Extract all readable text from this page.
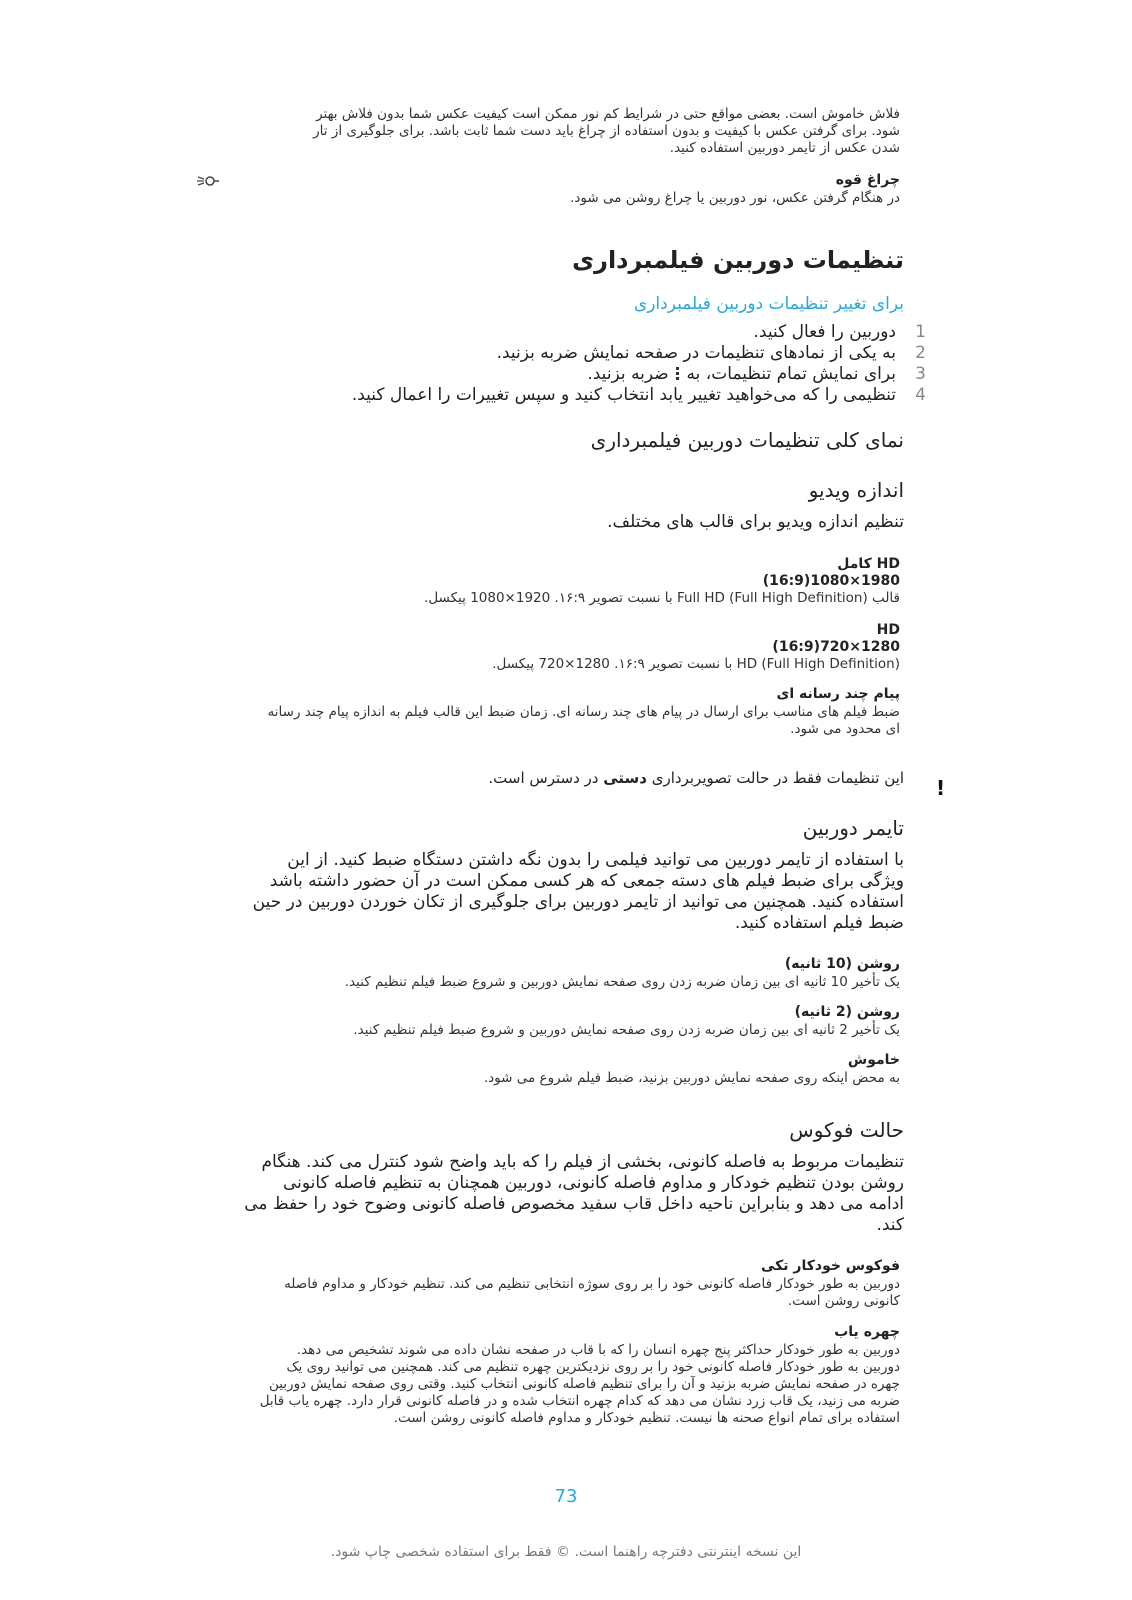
فلاش خاموش است. بعضی مواقع حتی در شرایط کم نور ممکن است کیفیت عکس شما بدون فلاش بهتر
شود. برای گرفتن عکس با کیفیت و بدون استفاده از چراغ باید دست شما ثابت باشد. برای جلوگیری از تار
شدن عکس از تایمر دوربین استفاده کنید.
چراغ قوه
در هنگام گرفتن عکس، نور دوربین یا چراغ روشن می شود.
تنظیمات دوربین فیلمبرداری
برای تغییر تنظیمات دوربین فیلمبرداری
1
دوربین را فعال کنید.
2
به یکی از نمادهای تنظیمات در صفحه نمایش ضربه بزنید.
3
برای نمایش تمام تنظیمات، به  ضربه بزنید.
4
تنظیمی را که می‌خواهید تغییر یابد انتخاب کنید و سپس تغییرات را اعمال کنید.
نمای کلی تنظیمات دوربین فیلمبرداری
اندازه ویدیو
تنظیم اندازه ویدیو برای قالب های مختلف.
HD کامل
1980×1080(16:9)
قالب Full HD (Full High Definition) با نسبت تصویر ۱۶:۹. 1920×1080 پیکسل.
HD
1280×720(16:9)
HD (Full High Definition) با نسبت تصویر ۱۶:۹. 1280×720 پیکسل.
پیام چند رسانه ای
ضبط فیلم های مناسب برای ارسال در پیام های چند رسانه ای. زمان ضبط این قالب فیلم به اندازه پیام چند رسانه
ای محدود می شود.
!
این تنظیمات فقط در حالت تصویربرداری دستی در دسترس است.
تایمر دوربین
با استفاده از تایمر دوربین می توانید فیلمی را بدون نگه داشتن دستگاه ضبط کنید. از این
ویژگی برای ضبط فیلم های دسته جمعی که هر کسی ممکن است در آن حضور داشته باشد
استفاده کنید. همچنین می توانید از تایمر دوربین برای جلوگیری از تکان خوردن دوربین در حین
ضبط فیلم استفاده کنید.
روشن (10 ثانیه)
یک تأخیر 10 ثانیه ای بین زمان ضربه زدن روی صفحه نمایش دوربین و شروع ضبط فیلم تنظیم کنید.
روشن (2 ثانیه)
یک تأخیر 2 ثانیه ای بین زمان ضربه زدن روی صفحه نمایش دوربین و شروع ضبط فیلم تنظیم کنید.
خاموش
به محض اینکه روی صفحه نمایش دوربین بزنید، ضبط فیلم شروع می شود.
حالت فوکوس
تنظیمات مربوط به فاصله کانونی، بخشی از فیلم را که باید واضح شود کنترل می کند. هنگام
روشن بودن تنظیم خودکار و مداوم فاصله کانونی، دوربین همچنان به تنظیم فاصله کانونی
ادامه می دهد و بنابراین ناحیه داخل قاب سفید مخصوص فاصله کانونی وضوح خود را حفظ می
کند.
فوکوس خودکار تکی
دوربین به طور خودکار فاصله کانونی خود را بر روی سوژه انتخابی تنظیم می کند. تنظیم خودکار و مداوم فاصله
کانونی روشن است.
چهره یاب
دوربین به طور خودکار حداکثر پنج چهره انسان را که با قاب در صفحه نشان داده می شوند تشخیص می دهد.
دوربین به طور خودکار فاصله کانونی خود را بر روی نزدیکترین چهره تنظیم می کند. همچنین می توانید روی یک
چهره در صفحه نمایش ضربه بزنید و آن را برای تنظیم فاصله کانونی انتخاب کنید. وقتی روی صفحه نمایش دوربین
ضربه می زنید، یک قاب زرد نشان می دهد که کدام چهره انتخاب شده و در فاصله کانونی قرار دارد. چهره یاب قابل
استفاده برای تمام انواع صحنه ها نیست. تنظیم خودکار و مداوم فاصله کانونی روشن است.
73
این نسخه اینترنتی دفترچه راهنما است. © فقط برای استفاده شخصی چاپ شود.
